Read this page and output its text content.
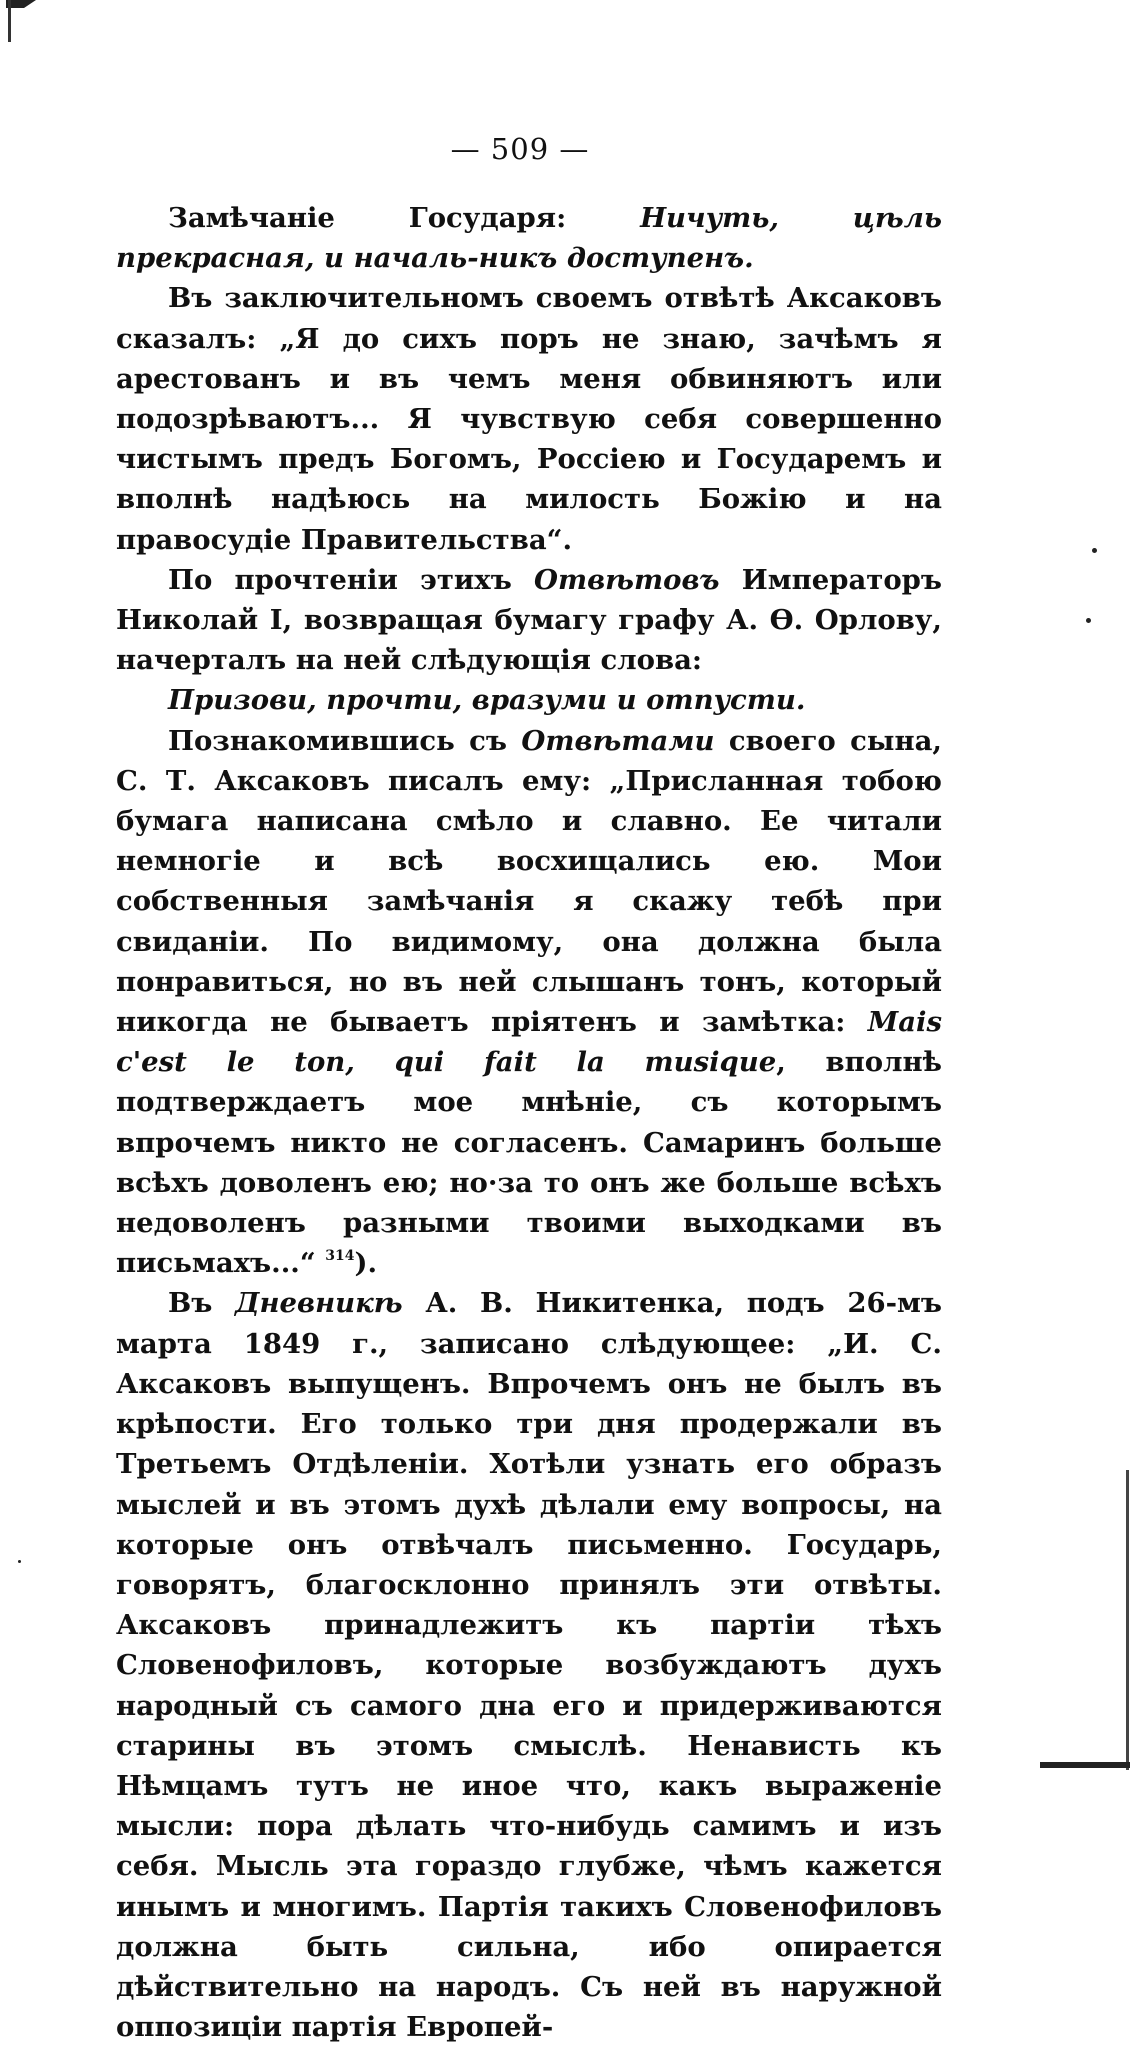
— 509 —

Замѣчаніе Государя: Ничуть, цѣль прекрасная, и началь-никъ доступенъ.

Въ заключительномъ своемъ отвѣтѣ Аксаковъ сказалъ: „Я до сихъ поръ не знаю, зачѣмъ я арестованъ и въ чемъ меня обвиняютъ или подозрѣваютъ... Я чувствую себя совершенно чистымъ предъ Богомъ, Россіею и Государемъ и вполнѣ надѣюсь на милость Божію и на правосудіе Правительства“.

По прочтеніи этихъ Отвѣтовъ Императоръ Николай I, возвращая бумагу графу А. Ѳ. Орлову, начерталъ на ней слѣдующія слова:

Призови, прочти, вразуми и отпусти.

Познакомившись съ Отвѣтами своего сына, С. Т. Аксаковъ писалъ ему: „Присланная тобою бумага написана смѣло и славно. Ее читали немногіе и всѣ восхищались ею. Мои собственныя замѣчанія я скажу тебѣ при свиданіи. По видимому, она должна была понравиться, но въ ней слышанъ тонъ, который никогда не бываетъ пріятенъ и замѣтка: Mais c'est le ton, qui fait la musique, вполнѣ подтверждаетъ мое мнѣніе, съ которымъ впрочемъ никто не согласенъ. Самаринъ больше всѣхъ доволенъ ею; но·за то онъ же больше всѣхъ недоволенъ разными твоими выходками въ письмахъ...“ $^{314}$).

Въ Дневникѣ А. В. Никитенка, подъ 26-мъ марта 1849 г., записано слѣдующее: „И. С. Аксаковъ выпущенъ. Впрочемъ онъ не былъ въ крѣпости. Его только три дня продержали въ Третьемъ Отдѣленіи. Хотѣли узнать его образъ мыслей и въ этомъ духѣ дѣлали ему вопросы, на которые онъ отвѣчалъ письменно. Государь, говорятъ, благосклонно принялъ эти отвѣты. Аксаковъ принадлежитъ къ партіи тѣхъ Словенофиловъ, которые возбуждаютъ духъ народный съ самого дна его и придерживаются старины въ этомъ смыслѣ. Ненависть къ Нѣмцамъ тутъ не иное что, какъ выраженіе мысли: пора дѣлать что-нибудь самимъ и изъ себя. Мысль эта гораздо глубже, чѣмъ кажется инымъ и многимъ. Партія такихъ Словенофиловъ должна быть сильна, ибо опирается дѣйствительно на народъ. Съ ней въ наружной оппозиціи партія Европей-
